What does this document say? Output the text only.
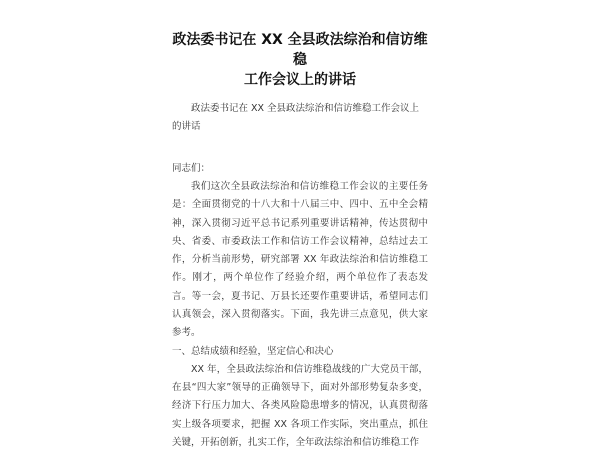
政法委书记在 XX 全县政法综治和信访维稳
工作会议上的讲话
政法委书记在 XX 全县政法综治和信访维稳工作会议上的讲话
同志们：

我们这次全县政法综治和信访维稳工作会议的主要任务是：全面贯彻党的十八大和十八届三中、四中、五中全会精神，深入贯彻习近平总书记系列重要讲话精神，传达贯彻中央、省委、市委政法工作和信访工作会议精神，总结过去工作，分析当前形势，研究部署 XX 年政法综治和信访维稳工作。刚才，两个单位作了经验介绍，两个单位作了表态发言。等一会，夏书记、万县长还要作重要讲话，希望同志们认真领会，深入贯彻落实。下面，我先讲三点意见，供大家参考。

一、总结成绩和经验，坚定信心和决心

XX 年，全县政法综治和信访维稳战线的广大党员干部，在县“四大家”领导的正确领导下，面对外部形势复杂多变，经济下行压力加大、各类风险隐患增多的情况，认真贯彻落实上级各项要求，把握 XX 各项工作实际，突出重点，抓住关键，开拓创新，扎实工作，全年政法综治和信访维稳工作
